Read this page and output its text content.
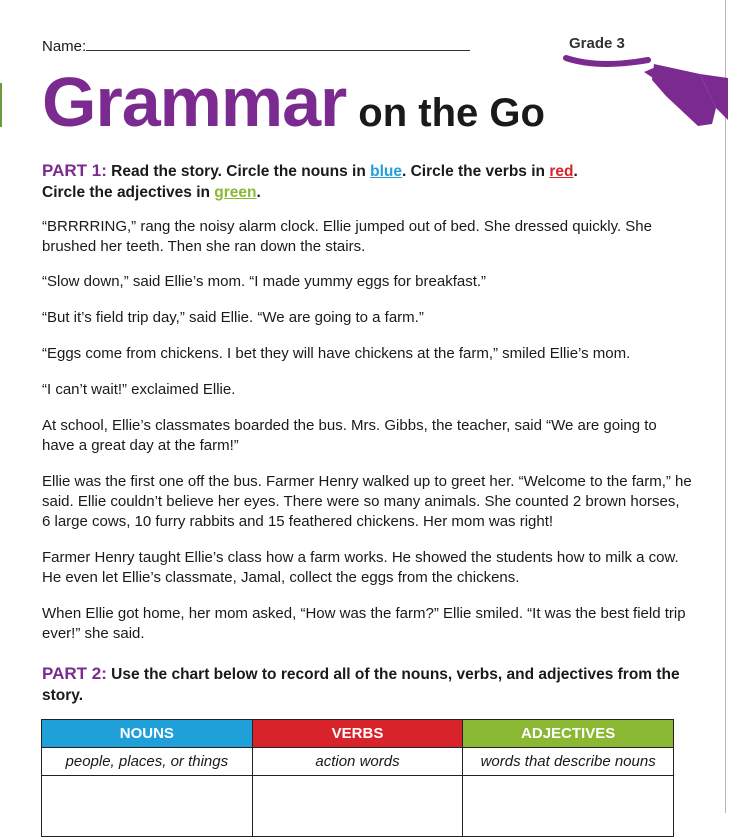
Name:	Grade 3
Grammar on the Go
PART 1: Read the story. Circle the nouns in blue. Circle the verbs in red.
Circle the adjectives in green.

“BRRRRING,” rang the noisy alarm clock. Ellie jumped out of bed. She dressed quickly. She brushed her teeth. Then she ran down the stairs.

“Slow down,” said Ellie’s mom. “I made yummy eggs for breakfast.”

“But it’s field trip day,” said Ellie. “We are going to a farm.”

“Eggs come from chickens. I bet they will have chickens at the farm,” smiled Ellie’s mom.

“I can’t wait!” exclaimed Ellie.

At school, Ellie’s classmates boarded the bus. Mrs. Gibbs, the teacher, said “We are going to have a great day at the farm!”

Ellie was the first one off the bus. Farmer Henry walked up to greet her. “Welcome to the farm,” he said. Ellie couldn’t believe her eyes. There were so many animals. She counted 2 brown horses, 6 large cows, 10 furry rabbits and 15 feathered chickens. Her mom was right!

Farmer Henry taught Ellie’s class how a farm works. He showed the students how to milk a cow. He even let Ellie’s classmate, Jamal, collect the eggs from the chickens.

When Ellie got home, her mom asked, “How was the farm?” Ellie smiled. “It was the best field trip ever!” she said.

PART 2: Use the chart below to record all of the nouns, verbs, and adjectives from the story.
NOUNS	VERBS	ADJECTIVES
people, places, or things	action words	words that describe nouns
